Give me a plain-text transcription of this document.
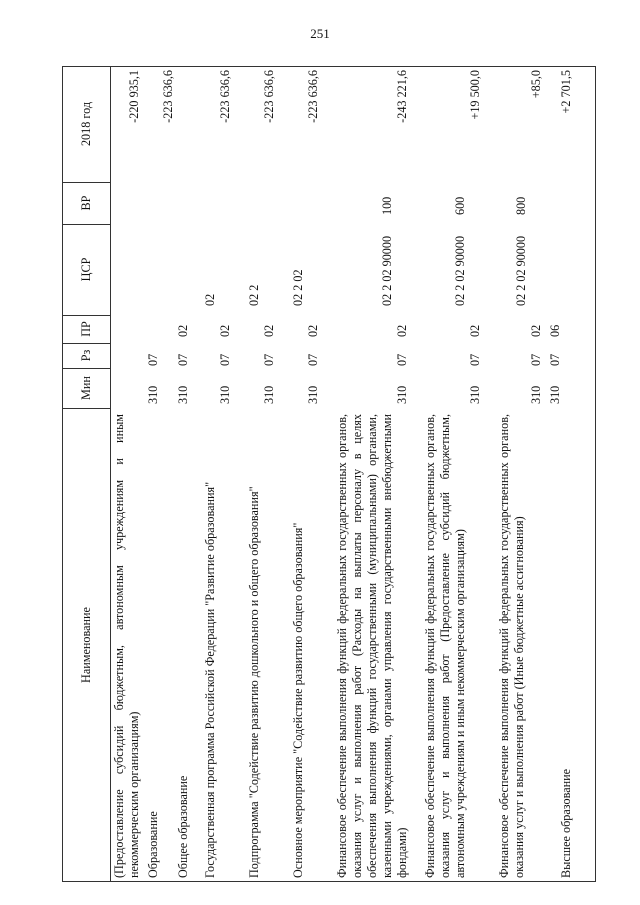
251
Наименование
Мин
Рз
ПР
ЦСР
ВР
2018 год
(Предоставление субсидий бюджетным, автономным учреждениям и иным некоммерческим организациям)
-220 935,1
Образование
310
07
-223 636,6
Общее образование
310
07
02
Государственная программа Российской Федерации "Развитие образования"
310
07
02
02
-223 636,6
Подпрограмма "Содействие развитию дошкольного и общего образования"
310
07
02
02 2
-223 636,6
Основное мероприятие "Содействие развитию общего образования"
310
07
02
02 2 02
-223 636,6
Финансовое обеспечение выполнения функций федеральных государственных органов, оказания услуг и выполнения работ (Расходы на выплаты персоналу в целях обеспечения выполнения функций государственными (муниципальными) органами, казенными учреждениями, органами управления государственными внебюджетными фондами)
310
07
02
02 2 02 90000
100
-243 221,6
Финансовое обеспечение выполнения функций федеральных государственных органов, оказания услуг и выполнения работ (Предоставление субсидий бюджетным, автономным учреждениям и иным некоммерческим организациям)
310
07
02
02 2 02 90000
600
+19 500,0
Финансовое обеспечение выполнения функций федеральных государственных органов, оказания услуг и выполнения работ (Иные бюджетные ассигнования)
310
07
02
02 2 02 90000
800
+85,0
Высшее образование
310
07
06
+2 701,5
